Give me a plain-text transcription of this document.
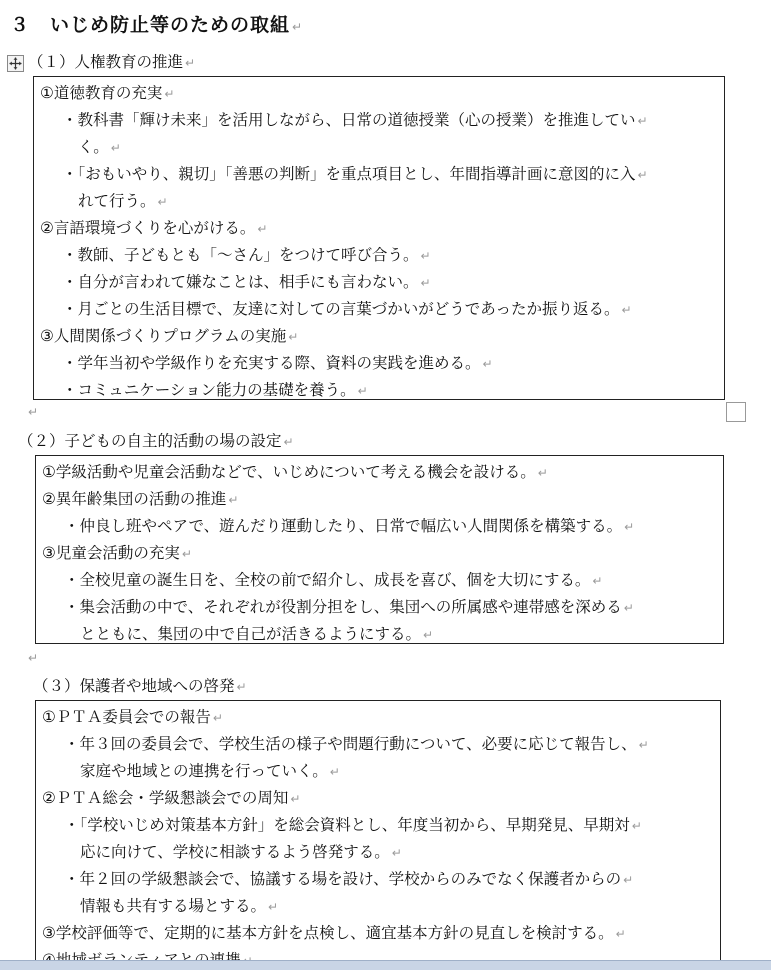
３　いじめ防止等のための取組 ↵
（１）人権教育の推進 ↵
①道徳教育の充実 ↵
・教科書「輝け未来」を活用しながら、日常の道徳授業（心の授業）を推進してい ↵
く。 ↵
・「おもいやり、親切」「善悪の判断」を重点項目とし、年間指導計画に意図的に入 ↵
れて行う。 ↵
②言語環境づくりを心がける。 ↵
・教師、子どもとも「～さん」をつけて呼び合う。 ↵
・自分が言われて嫌なことは、相手にも言わない。 ↵
・月ごとの生活目標で、友達に対しての言葉づかいがどうであったか振り返る。 ↵
③人間関係づくりプログラムの実施 ↵
・学年当初や学級作りを充実する際、資料の実践を進める。 ↵
・コミュニケーション能力の基礎を養う。 ↵
↵
（２）子どもの自主的活動の場の設定 ↵
①学級活動や児童会活動などで、いじめについて考える機会を設ける。 ↵
②異年齢集団の活動の推進 ↵
・仲良し班やペアで、遊んだり運動したり、日常で幅広い人間関係を構築する。 ↵
③児童会活動の充実 ↵
・全校児童の誕生日を、全校の前で紹介し、成長を喜び、個を大切にする。 ↵
・集会活動の中で、それぞれが役割分担をし、集団への所属感や連帯感を深める ↵
とともに、集団の中で自己が活きるようにする。 ↵
↵
（３）保護者や地域への啓発 ↵
①ＰＴＡ委員会での報告 ↵
・年３回の委員会で、学校生活の様子や問題行動について、必要に応じて報告し、 ↵
家庭や地域との連携を行っていく。 ↵
②ＰＴＡ総会・学級懇談会での周知 ↵
・「学校いじめ対策基本方針」を総会資料とし、年度当初から、早期発見、早期対 ↵
応に向けて、学校に相談するよう啓発する。 ↵
・年２回の学級懇談会で、協議する場を設け、学校からのみでなく保護者からの ↵
情報も共有する場とする。 ↵
③学校評価等で、定期的に基本方針を点検し、適宜基本方針の見直しを検討する。 ↵
